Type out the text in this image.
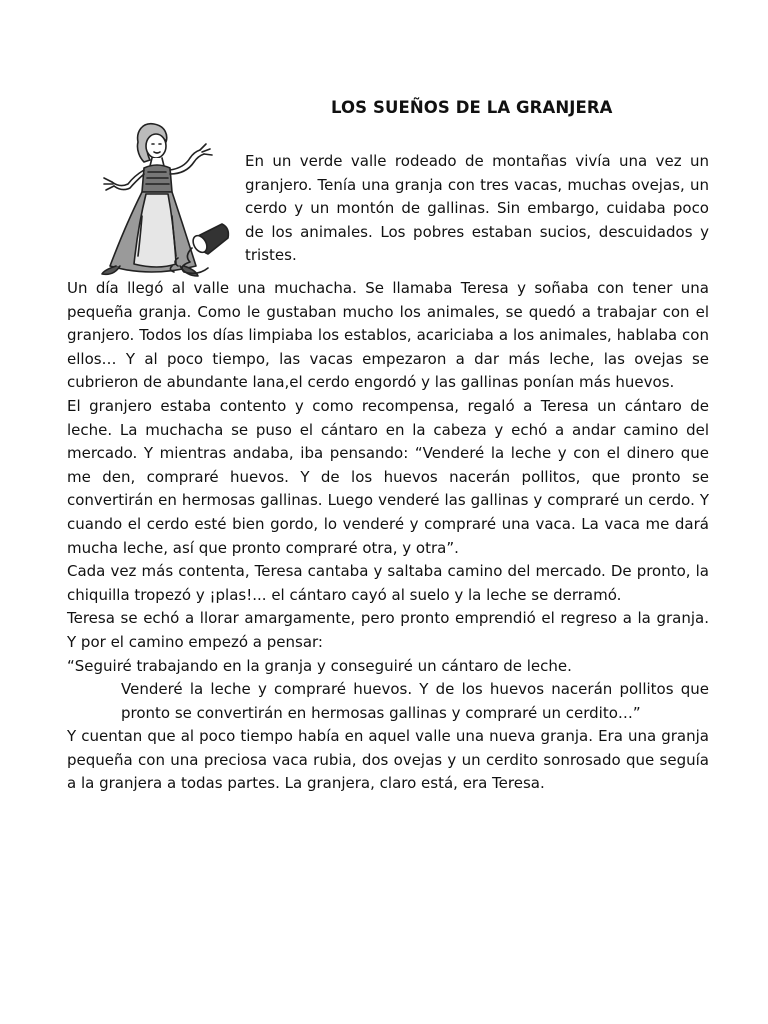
LOS SUEÑOS DE LA GRANJERA

En un verde valle rodeado de montañas vivía una vez un granjero. Tenía una granja con tres vacas, muchas ovejas, un cerdo y un montón de gallinas. Sin embargo, cuidaba poco de los animales. Los pobres estaban sucios, descuidados y tristes.

Un día llegó al valle una muchacha. Se llamaba Teresa y soñaba con tener una pequeña granja. Como le gustaban mucho los animales, se quedó a trabajar con el granjero. Todos los días limpiaba los establos, acariciaba a los animales, hablaba con ellos… Y al poco tiempo, las vacas empezaron a dar más leche, las ovejas se cubrieron de abundante lana,el cerdo engordó y las gallinas ponían más huevos.

El granjero estaba contento y como recompensa, regaló a Teresa un cántaro de leche. La muchacha se puso el cántaro en la cabeza y echó a andar camino del mercado. Y mientras andaba, iba pensando: “Venderé la leche y con el dinero que me den, compraré huevos. Y de los huevos nacerán pollitos, que pronto se convertirán en hermosas gallinas. Luego venderé las gallinas y compraré un cerdo. Y cuando el cerdo esté bien gordo, lo venderé y compraré una vaca. La vaca me dará mucha leche, así que pronto compraré otra, y otra”.

Cada vez más contenta, Teresa cantaba y saltaba camino del mercado. De pronto, la chiquilla tropezó y ¡plas!... el cántaro cayó al suelo y la leche se derramó.

Teresa se echó a llorar amargamente, pero pronto emprendió el regreso a la granja. Y por el camino empezó a pensar:

“Seguiré trabajando en la granja y conseguiré un cántaro de leche.

Venderé la leche y compraré huevos. Y de los huevos nacerán pollitos que pronto se convertirán en hermosas gallinas y compraré un cerdito…”

Y cuentan que al poco tiempo había en aquel valle una nueva granja. Era una granja pequeña con una preciosa vaca rubia, dos ovejas y un cerdito sonrosado que seguía a la granjera a todas partes. La granjera, claro está, era Teresa.
